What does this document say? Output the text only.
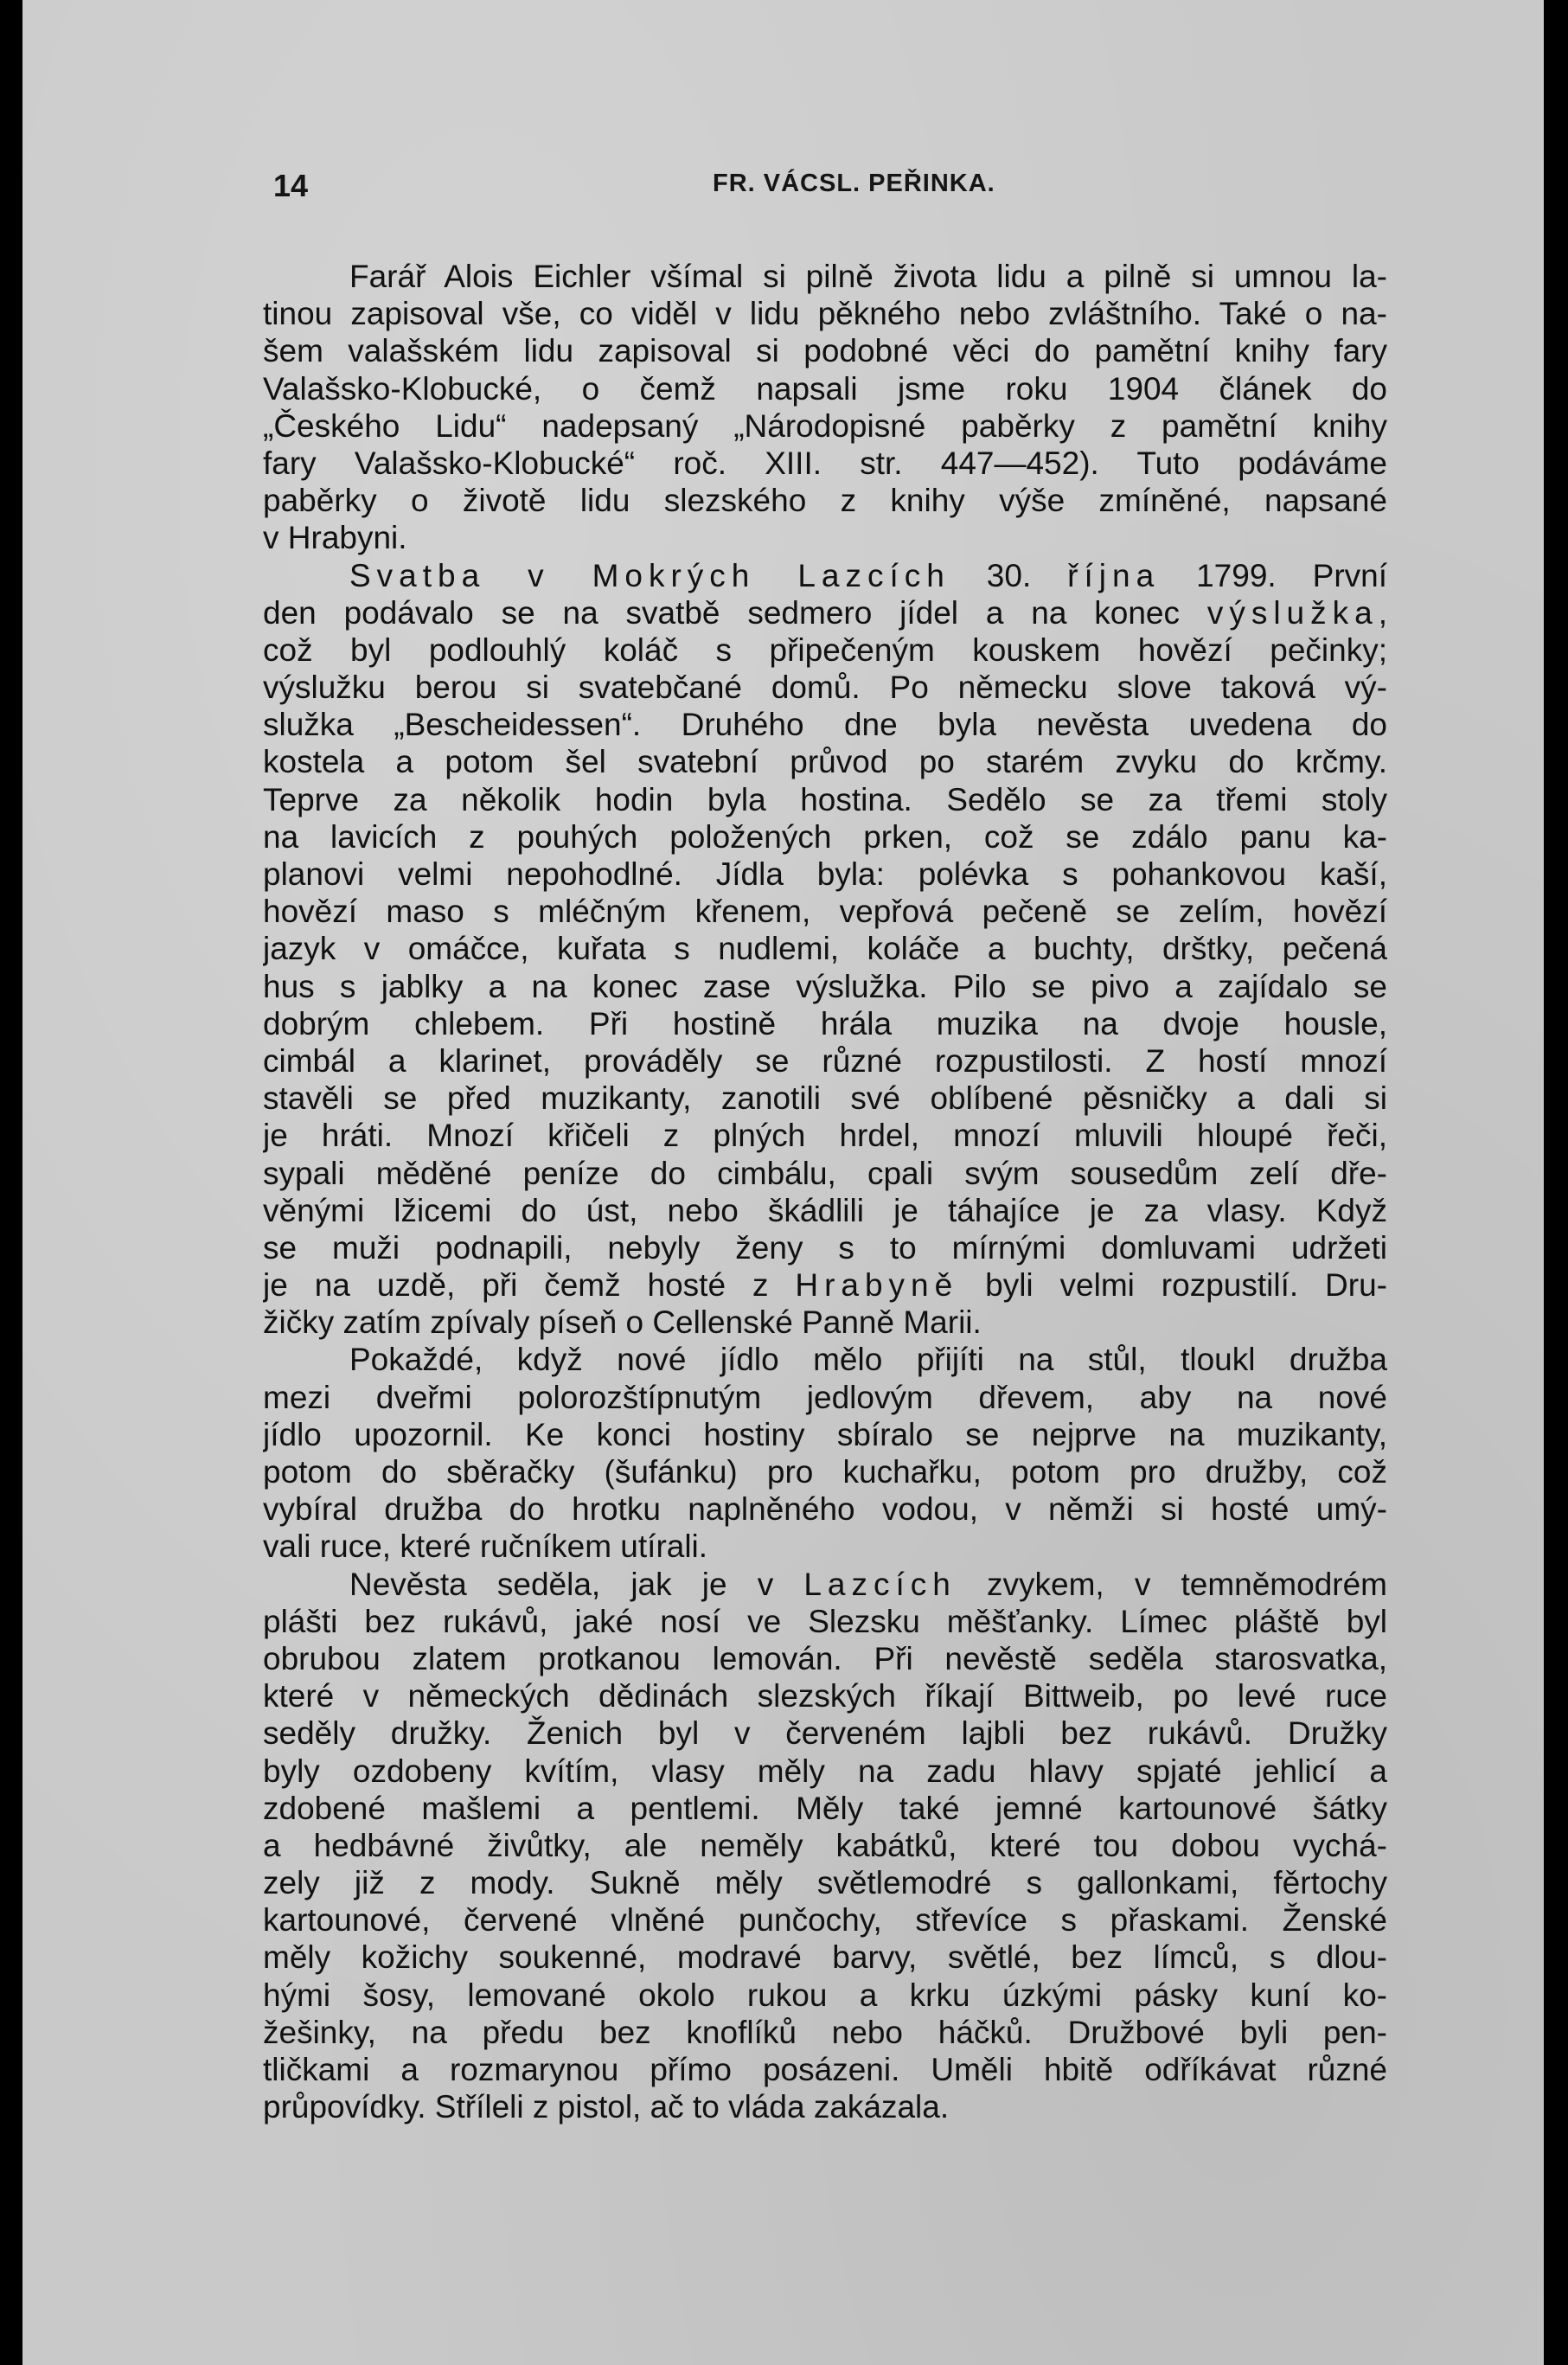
14	FR. VÁCSL. PEŘINKA.
Farář Alois Eichler všímal si pilně života lidu a pilně si umnou la-
tinou zapisoval vše, co viděl v lidu pěkného nebo zvláštního. Také o na-
šem valašském lidu zapisoval si podobné věci do pamětní knihy fary
Valašsko-Klobucké, o čemž napsali jsme roku 1904 článek do
„Českého Lidu“ nadepsaný „Národopisné paběrky z pamětní knihy
fary Valašsko-Klobucké“ roč. XIII. str. 447—452). Tuto podáváme
paběrky o životě lidu slezského z knihy výše zmíněné, napsané
v Hrabyni.
Svatba v Mokrých Lazcích 30. října 1799. První
den podávalo se na svatbě sedmero jídel a na konec výslužka,
což byl podlouhlý koláč s připečeným kouskem hovězí pečinky;
výslužku berou si svatebčané domů. Po německu slove taková vý-
služka „Bescheidessen“. Druhého dne byla nevěsta uvedena do
kostela a potom šel svatební průvod po starém zvyku do krčmy.
Teprve za několik hodin byla hostina. Sedělo se za třemi stoly
na lavicích z pouhých položených prken, což se zdálo panu ka-
planovi velmi nepohodlné. Jídla byla: polévka s pohankovou kaší,
hovězí maso s mléčným křenem, vepřová pečeně se zelím, hovězí
jazyk v omáčce, kuřata s nudlemi, koláče a buchty, drštky, pečená
hus s jablky a na konec zase výslužka. Pilo se pivo a zajídalo se
dobrým chlebem. Při hostině hrála muzika na dvoje housle,
cimbál a klarinet, prováděly se různé rozpustilosti. Z hostí mnozí
stavěli se před muzikanty, zanotili své oblíbené pěsničky a dali si
je hráti. Mnozí křičeli z plných hrdel, mnozí mluvili hloupé řeči,
sypali měděné peníze do cimbálu, cpali svým sousedům zelí dře-
věnými lžicemi do úst, nebo škádlili je táhajíce je za vlasy. Když
se muži podnapili, nebyly ženy s to mírnými domluvami udržeti
je na uzdě, při čemž hosté z Hrabyně byli velmi rozpustilí. Dru-
žičky zatím zpívaly píseň o Cellenské Panně Marii.
Pokaždé, když nové jídlo mělo přijíti na stůl, tloukl družba
mezi dveřmi polorozštípnutým jedlovým dřevem, aby na nové
jídlo upozornil. Ke konci hostiny sbíralo se nejprve na muzikanty,
potom do sběračky (šufánku) pro kuchařku, potom pro družby, což
vybíral družba do hrotku naplněného vodou, v němži si hosté umý-
vali ruce, které ručníkem utírali.
Nevěsta seděla, jak je v Lazcích zvykem, v temněmodrém
plášti bez rukávů, jaké nosí ve Slezsku měšťanky. Límec pláště byl
obrubou zlatem protkanou lemován. Při nevěstě seděla starosvatka,
které v německých dědinách slezských říkají Bittweib, po levé ruce
seděly družky. Ženich byl v červeném lajbli bez rukávů. Družky
byly ozdobeny kvítím, vlasy měly na zadu hlavy spjaté jehlicí a
zdobené mašlemi a pentlemi. Měly také jemné kartounové šátky
a hedbávné živůtky, ale neměly kabátků, které tou dobou vychá-
zely již z mody. Sukně měly světlemodré s gallonkami, fěrtochy
kartounové, červené vlněné punčochy, střevíce s přaskami. Ženské
měly kožichy soukenné, modravé barvy, světlé, bez límců, s dlou-
hými šosy, lemované okolo rukou a krku úzkými pásky kuní ko-
žešinky, na předu bez knoflíků nebo háčků. Družbové byli pen-
tličkami a rozmarynou přímo posázeni. Uměli hbitě odříkávat různé
průpovídky. Stříleli z pistol, ač to vláda zakázala.
